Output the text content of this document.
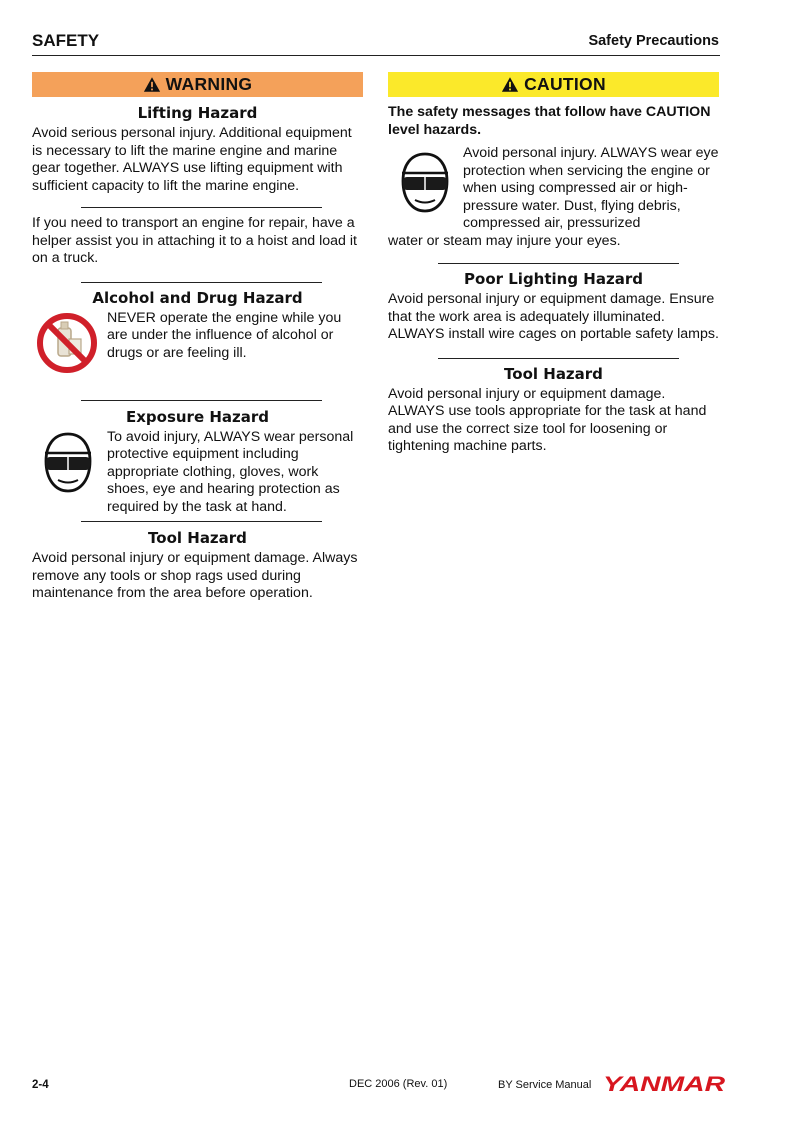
SAFETY	Safety Precautions
WARNING
Lifting Hazard

Avoid serious personal injury. Additional equipment is necessary to lift the marine engine and marine gear together. ALWAYS use lifting equipment with sufficient capacity to lift the marine engine.

If you need to transport an engine for repair, have a helper assist you in attaching it to a hoist and load it on a truck.

Alcohol and Drug Hazard

NEVER operate the engine while you are under the influence of alcohol or drugs or are feeling ill.

Exposure Hazard

To avoid injury, ALWAYS wear personal protective equipment including appropriate clothing, gloves, work shoes, eye and hearing protection as required by the task at hand.

Tool Hazard

Avoid personal injury or equipment damage. Always remove any tools or shop rags used during maintenance from the area before operation.

CAUTION

The safety messages that follow have CAUTION level hazards.

Avoid personal injury. ALWAYS wear eye protection when servicing the engine or when using compressed air or high-pressure water. Dust, flying debris, compressed air, pressurized

water or steam may injure your eyes.

Poor Lighting Hazard

Avoid personal injury or equipment damage. Ensure that the work area is adequately illuminated. ALWAYS install wire cages on portable safety lamps.

Tool Hazard

Avoid personal injury or equipment damage. ALWAYS use tools appropriate for the task at hand and use the correct size tool for loosening or tightening machine parts.

2-4	DEC 2006 (Rev. 01)	BY Service Manual YANMAR
